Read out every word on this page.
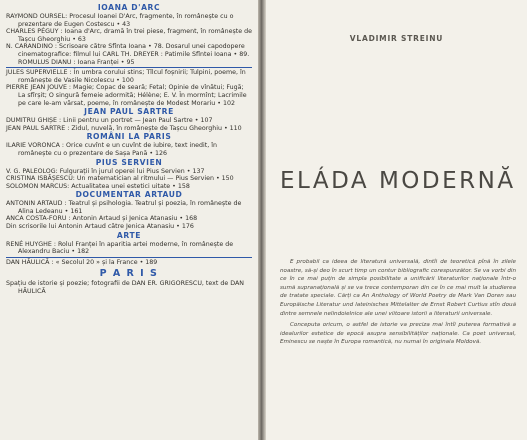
IOANA D'ARC
RAYMOND OURSEL: Procesul Ioanei D'Arc, fragmente, în românește cu o prezentare de Eugen Costescu • 43
CHARLES PÉGUY : Ioana d'Arc, dramă în trei piese, fragment, în românește de Tașcu Gheorghiu • 63
N. CARANDINO : Scrisoare către Sfînta Ioana • 78. Dosarul unei capodopere cinematografice: filmul lui CARL TH. DREYER : Patimile Sfîntei Ioana • 89. ROMULUS DIANU : Ioana Franței • 95
JULES SUPERVIELLE : În umbra corului stins; Tîlcul foșnirii; Tulpini, poeme, în românește de Vasile Nicolescu • 100
PIERRE JEAN JOUVE : Magie; Copac de seară; Fetal; Opinie de vînătui; Fugă; La sfîrșit; O singură femeie adormită; Hélène; E. V. În mormînt; Lacrimile pe care le-am vărsat, poeme, în românește de Modest Morariu • 102
JEAN PAUL SARTRE
DUMITRU GHIȘE : Linii pentru un portret — Jean Paul Sartre • 107
JEAN PAUL SARTRE : Zidul, nuvelă, în românește de Tașcu Gheorghiu • 110
ROMÂNI LA PARIS
ILARIE VORONCA : Orice cuvînt e un cuvînt de iubire, text inedit, în românește cu o prezentare de Sașa Pană • 126
PIUS SERVIEN
V. G. PALEOLOG: Fulgurații în jurul operei lui Pius Servien • 137
CRISTINA ISBĂȘESCU: Un matematician al ritmului — Pius Servien • 150
SOLOMON MARCUS: Actualitatea unei estetici uitate • 158
DOCUMENTAR ARTAUD
ANTONIN ARTAUD : Teatrul și psihologia. Teatrul și poezia, în românește de Alina Ledeanu • 161
ANCA COSTA-FORU : Antonin Artaud și Jenica Atanasiu • 168
Din scrisorile lui Antonin Artaud către Jenica Atanasiu • 176
ARTE
RENÉ HUYGHE : Rolul Franței în aparitia artei moderne, în românește de Alexandru Baciu • 182
DAN HĂULICĂ : « Secolul 20 » și la France • 189
P A R I S
Spațiu de istorie și poezie; fotografii de DAN ER. GRIGORESCU, text de DAN HĂULICĂ
VLADIMIR STREINU
ELÁDA MODERNĂ

E probabil ca ideea de literatură universală, dintîi de teoretică pînă în zilele noastre, să-și deo în scurt timp un contur bibliografic corespunzător. Se va vorbi din ce în ce mai puțin de simpla posibilitate a unificării literaturilor naționale într-o sumă supranațională și se va trece contemporan din ce în ce mai mult la studierea de tratate speciale. Cărți ca An Anthology of World Poetry de Mark Van Doren sau Europäische Literatur und lateinisches Mittelalter de Ernst Robert Curtius stîn două dintre semnele nelindoielnice ale unei viitoare istorii a literaturii universale.

Conceputa oricum, o astfel de istorie va preciza mai întîi puterea formativă a idealurilor estetice de epocă asupra sensibilităților naționale. Ca poet universal, Eminescu se naște în Europa romantică, nu numai în originala Moldovă.
